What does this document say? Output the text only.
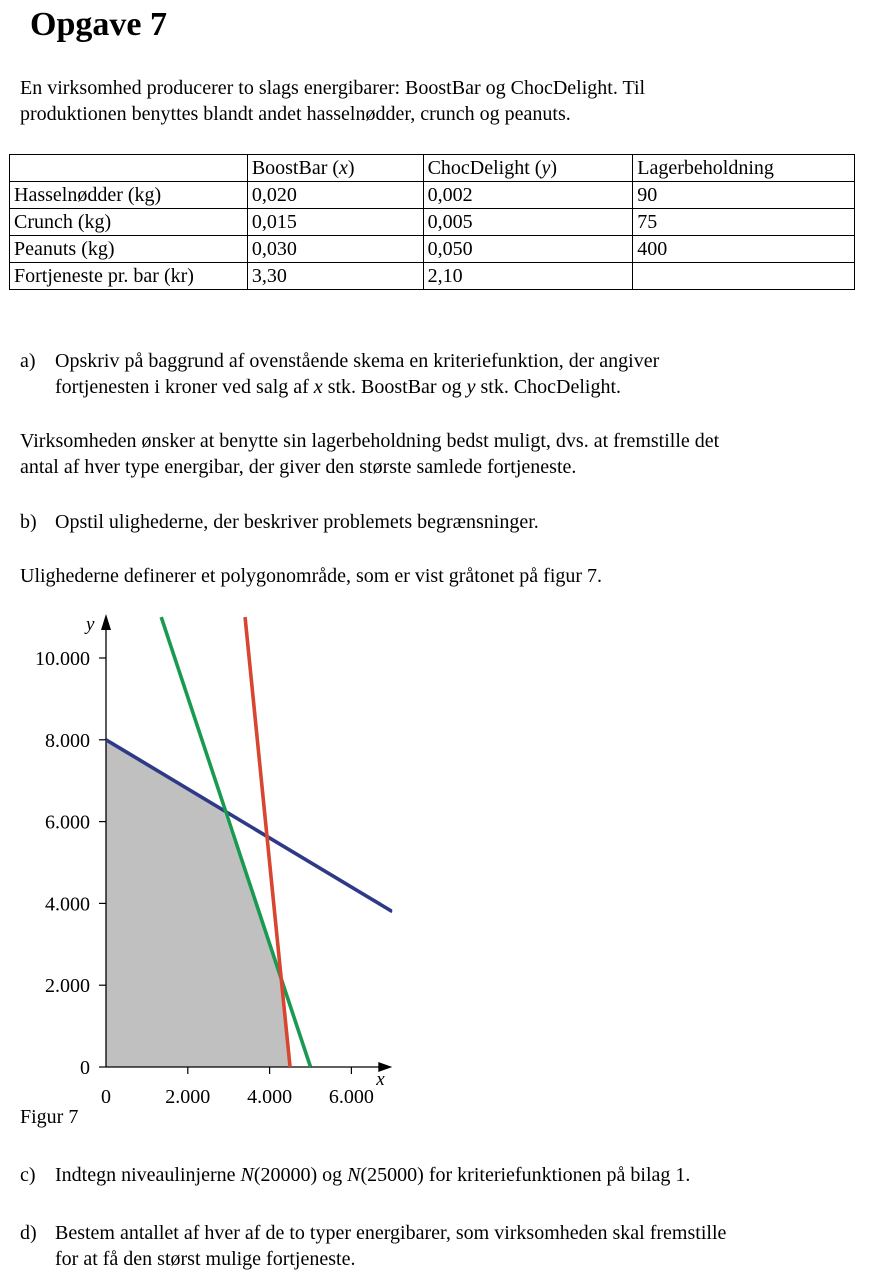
Opgave 7

En virksomhed producerer to slags energibarer: BoostBar og ChocDelight. Til
produktionen benyttes blandt andet hasselnødder, crunch og peanuts.

	BoostBar (x)	ChocDelight (y)	Lagerbeholdning
Hasselnødder (kg)	0,020	0,002	90
Crunch (kg)	0,015	0,005	75
Peanuts (kg)	0,030	0,050	400
Fortjeneste pr. bar (kr)	3,30	2,10	
a) Opskriv på baggrund af ovenstående skema en kriteriefunktion, der angiver
fortjenesten i kroner ved salg af x stk. BoostBar og y stk. ChocDelight.

Virksomheden ønsker at benytte sin lagerbeholdning bedst muligt, dvs. at fremstille det
antal af hver type energibar, der giver den største samlede fortjeneste.

b) Opstil ulighederne, der beskriver problemets begrænsninger.

Ulighederne definerer et polygonområde, som er vist gråtonet på figur 7.

x
y
0	2.000 4.000 6.000
0
2.000
4.000
6.000
8.000
10.000
Figur 7
c) Indtegn niveaulinjerne N(20000) og N(25000) for kriteriefunktionen på bilag 1.
d) Bestem antallet af hver af de to typer energibarer, som virksomheden skal fremstille
for at få den størst mulige fortjeneste.
